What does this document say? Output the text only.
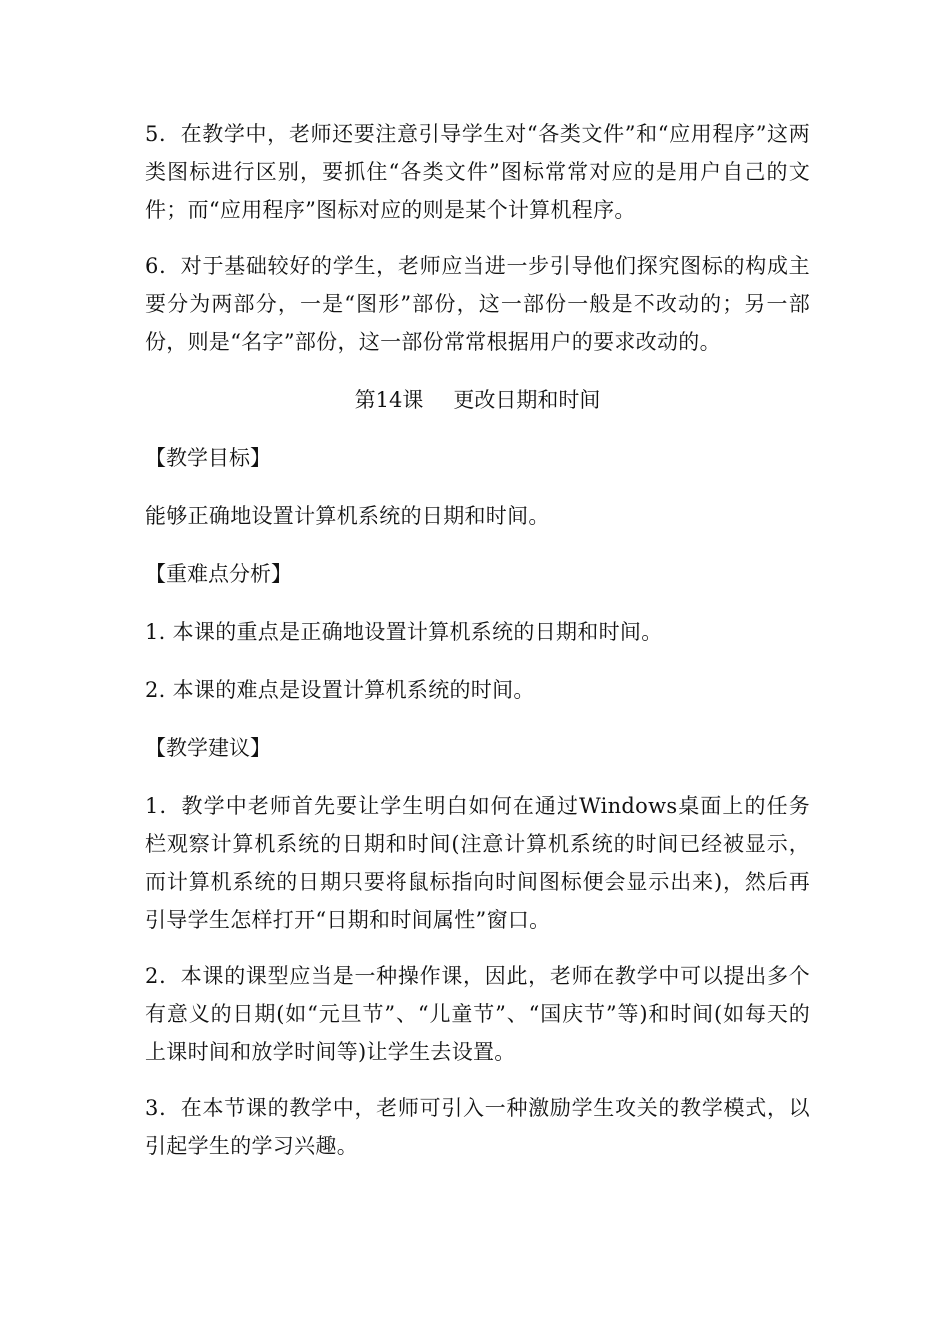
5．在教学中，老师还要注意引导学生对“各类文件”和“应用程序”这两类图标进行区别，要抓住“各类文件”图标常常对应的是用户自己的文件；而“应用程序”图标对应的则是某个计算机程序。

6．对于基础较好的学生，老师应当进一步引导他们探究图标的构成主要分为两部分，一是“图形”部份，这一部份一般是不改动的；另一部份，则是“名字”部份，这一部份常常根据用户的要求改动的。

第14课 更改日期和时间
【教学目标】

能够正确地设置计算机系统的日期和时间。

【重难点分析】

1. 本课的重点是正确地设置计算机系统的日期和时间。

2. 本课的难点是设置计算机系统的时间。

【教学建议】

1．教学中老师首先要让学生明白如何在通过Windows桌面上的任务栏观察计算机系统的日期和时间(注意计算机系统的时间已经被显示，而计算机系统的日期只要将鼠标指向时间图标便会显示出来)，然后再引导学生怎样打开“日期和时间属性”窗口。

2．本课的课型应当是一种操作课，因此，老师在教学中可以提出多个有意义的日期(如“元旦节”、“儿童节”、“国庆节”等)和时间(如每天的上课时间和放学时间等)让学生去设置。

3．在本节课的教学中，老师可引入一种激励学生攻关的教学模式，以引起学生的学习兴趣。
